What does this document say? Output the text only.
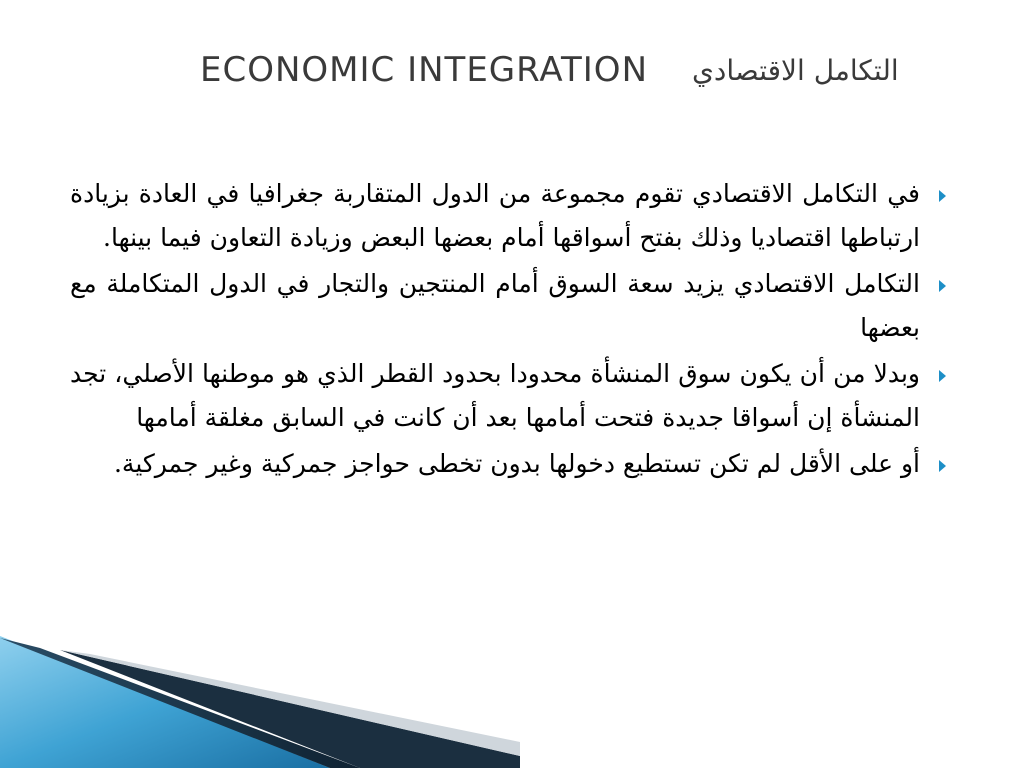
ECONOMIC INTEGRATION التكامل الاقتصادي
في التكامل الاقتصادي تقوم مجموعة من الدول المتقاربة جغرافيا في العادة بزيادة ارتباطها اقتصاديا وذلك بفتح أسواقها أمام بعضها البعض وزيادة التعاون فيما بينها.
التكامل الاقتصادي يزيد سعة السوق أمام المنتجين والتجار في الدول المتكاملة مع بعضها
وبدلا من أن يكون سوق المنشأة محدودا بحدود القطر الذي هو موطنها الأصلي، تجد المنشأة إن أسواقا جديدة فتحت أمامها بعد أن كانت في السابق مغلقة أمامها
أو على الأقل لم تكن تستطيع دخولها بدون تخطى حواجز جمركية وغير جمركية.
